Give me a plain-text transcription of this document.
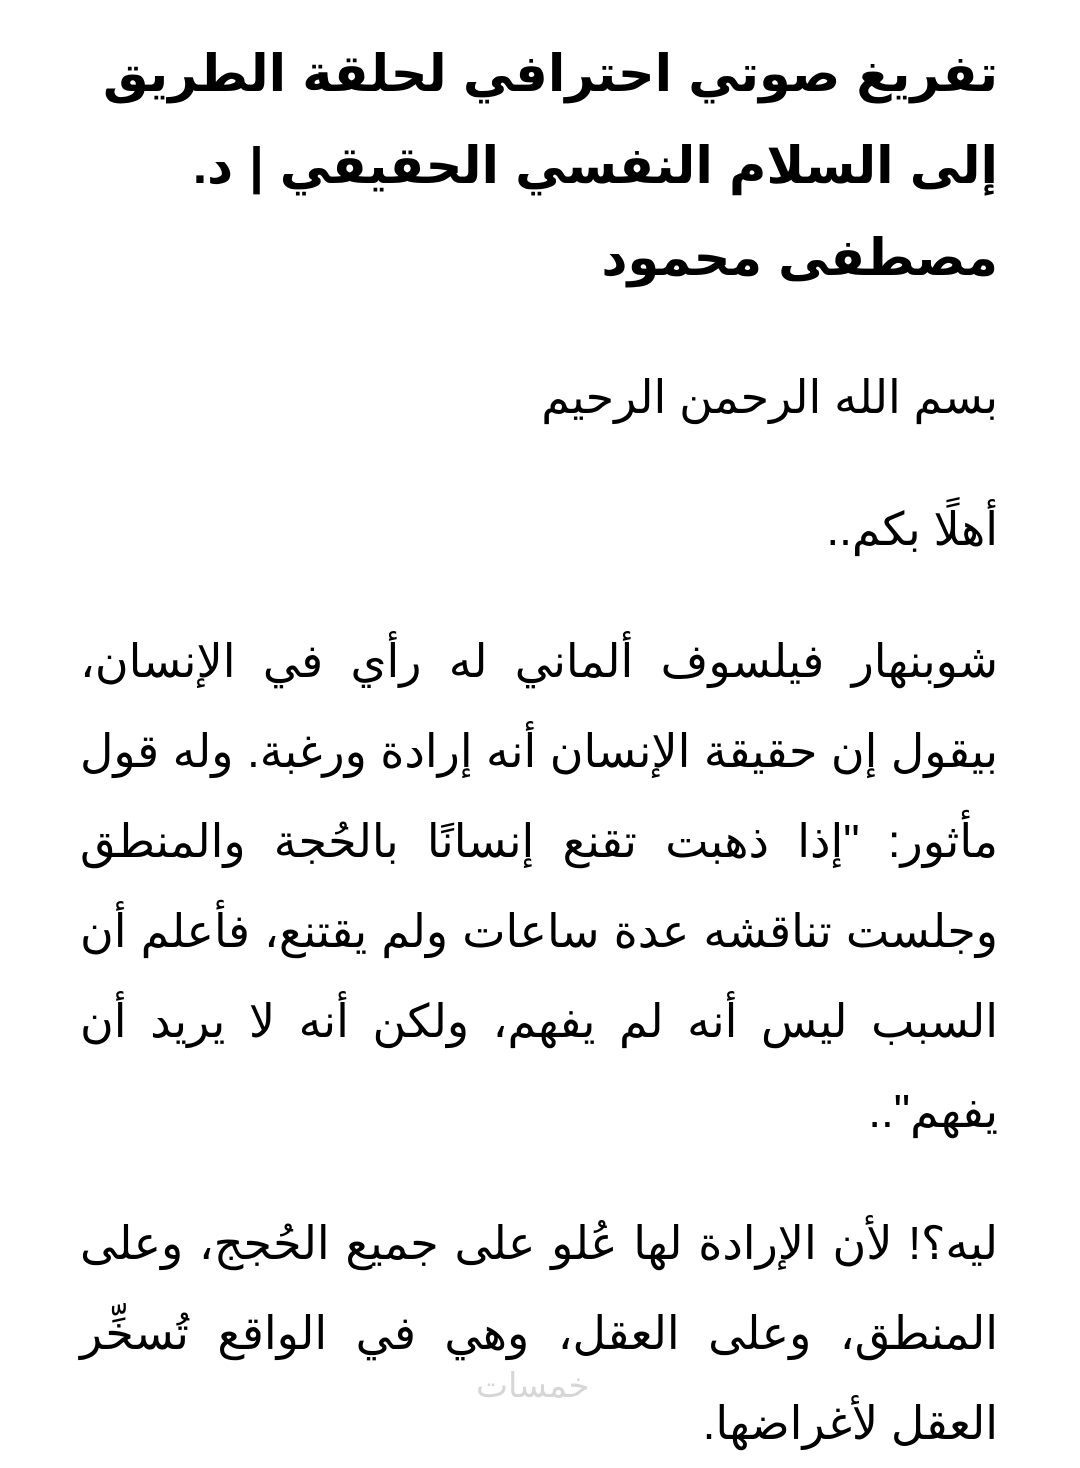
تفريغ صوتي احترافي لحلقة الطريق إلى السلام النفسي الحقيقي | د. مصطفى محمود

بسم الله الرحمن الرحيم

أهلًا بكم..

شوبنهار فيلسوف ألماني له رأي في الإنسان، بيقول إن حقيقة الإنسان أنه إرادة ورغبة. وله قول مأثور: "إذا ذهبت تقنع إنسانًا بالحُجة والمنطق وجلست تناقشه عدة ساعات ولم يقتنع، فأعلم أن السبب ليس أنه لم يفهم، ولكن أنه لا يريد أن يفهم"..

ليه؟! لأن الإرادة لها عُلو على جميع الحُجج، وعلى المنطق، وعلى العقل، وهي في الواقع تُسخِّر العقل لأغراضها.

خمسات
